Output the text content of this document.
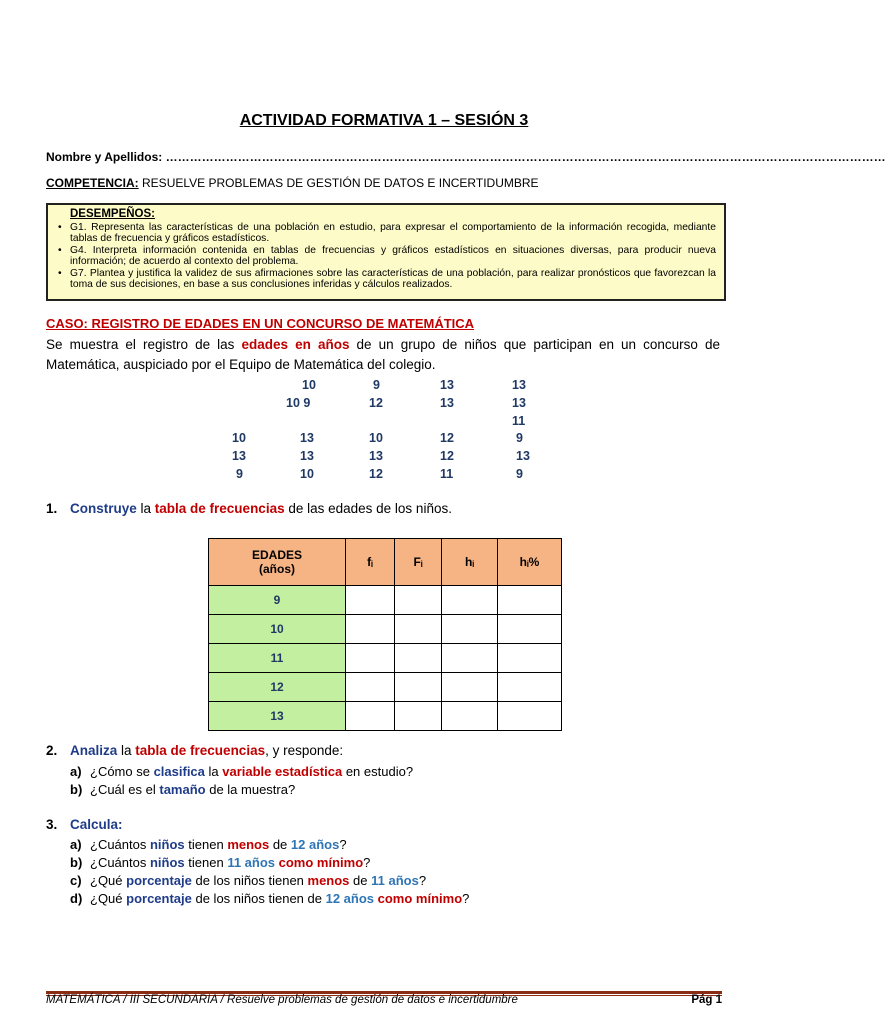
ACTIVIDAD FORMATIVA 1 – SESIÓN 3
Nombre y Apellidos: ………………………………………………………………………………………………………………………………………………………………
COMPETENCIA: RESUELVE PROBLEMAS DE GESTIÓN DE DATOS E INCERTIDUMBRE
DESEMPEÑOS:
• G1. Representa las características de una población en estudio, para expresar el comportamiento de la información recogida, mediante tablas de frecuencia y gráficos estadísticos.
• G4. Interpreta información contenida en tablas de frecuencias y gráficos estadísticos en situaciones diversas, para producir nueva información; de acuerdo al contexto del problema.
• G7. Plantea y justifica la validez de sus afirmaciones sobre las características de una población, para realizar pronósticos que favorezcan la toma de sus decisiones, en base a sus conclusiones inferidas y cálculos realizados.
CASO: REGISTRO DE EDADES EN UN CONCURSO DE MATEMÁTICA
Se muestra el registro de las edades en años de un grupo de niños que participan en un concurso de Matemática, auspiciado por el Equipo de Matemática del colegio.
10	9	13	13
10 9	12	13	13
11
10	13	10	12	9
13	13	13	12	13
9	10	12	11	9
1. Construye la tabla de frecuencias de las edades de los niños.
EDADES
(años)	fᵢ	Fᵢ	hᵢ	hᵢ%
9				
10				
11				
12				
13				
2. Analiza la tabla de frecuencias, y responde:
a) ¿Cómo se clasifica la variable estadística en estudio?
b) ¿Cuál es el tamaño de la muestra?
3. Calcula:
a) ¿Cuántos niños tienen menos de 12 años?
b) ¿Cuántos niños tienen 11 años como mínimo?
c) ¿Qué porcentaje de los niños tienen menos de 11 años?
d) ¿Qué porcentaje de los niños tienen de 12 años como mínimo?
MATEMÁTICA / III SECUNDARIA / Resuelve problemas de gestión de datos e incertidumbre	Pág 1
